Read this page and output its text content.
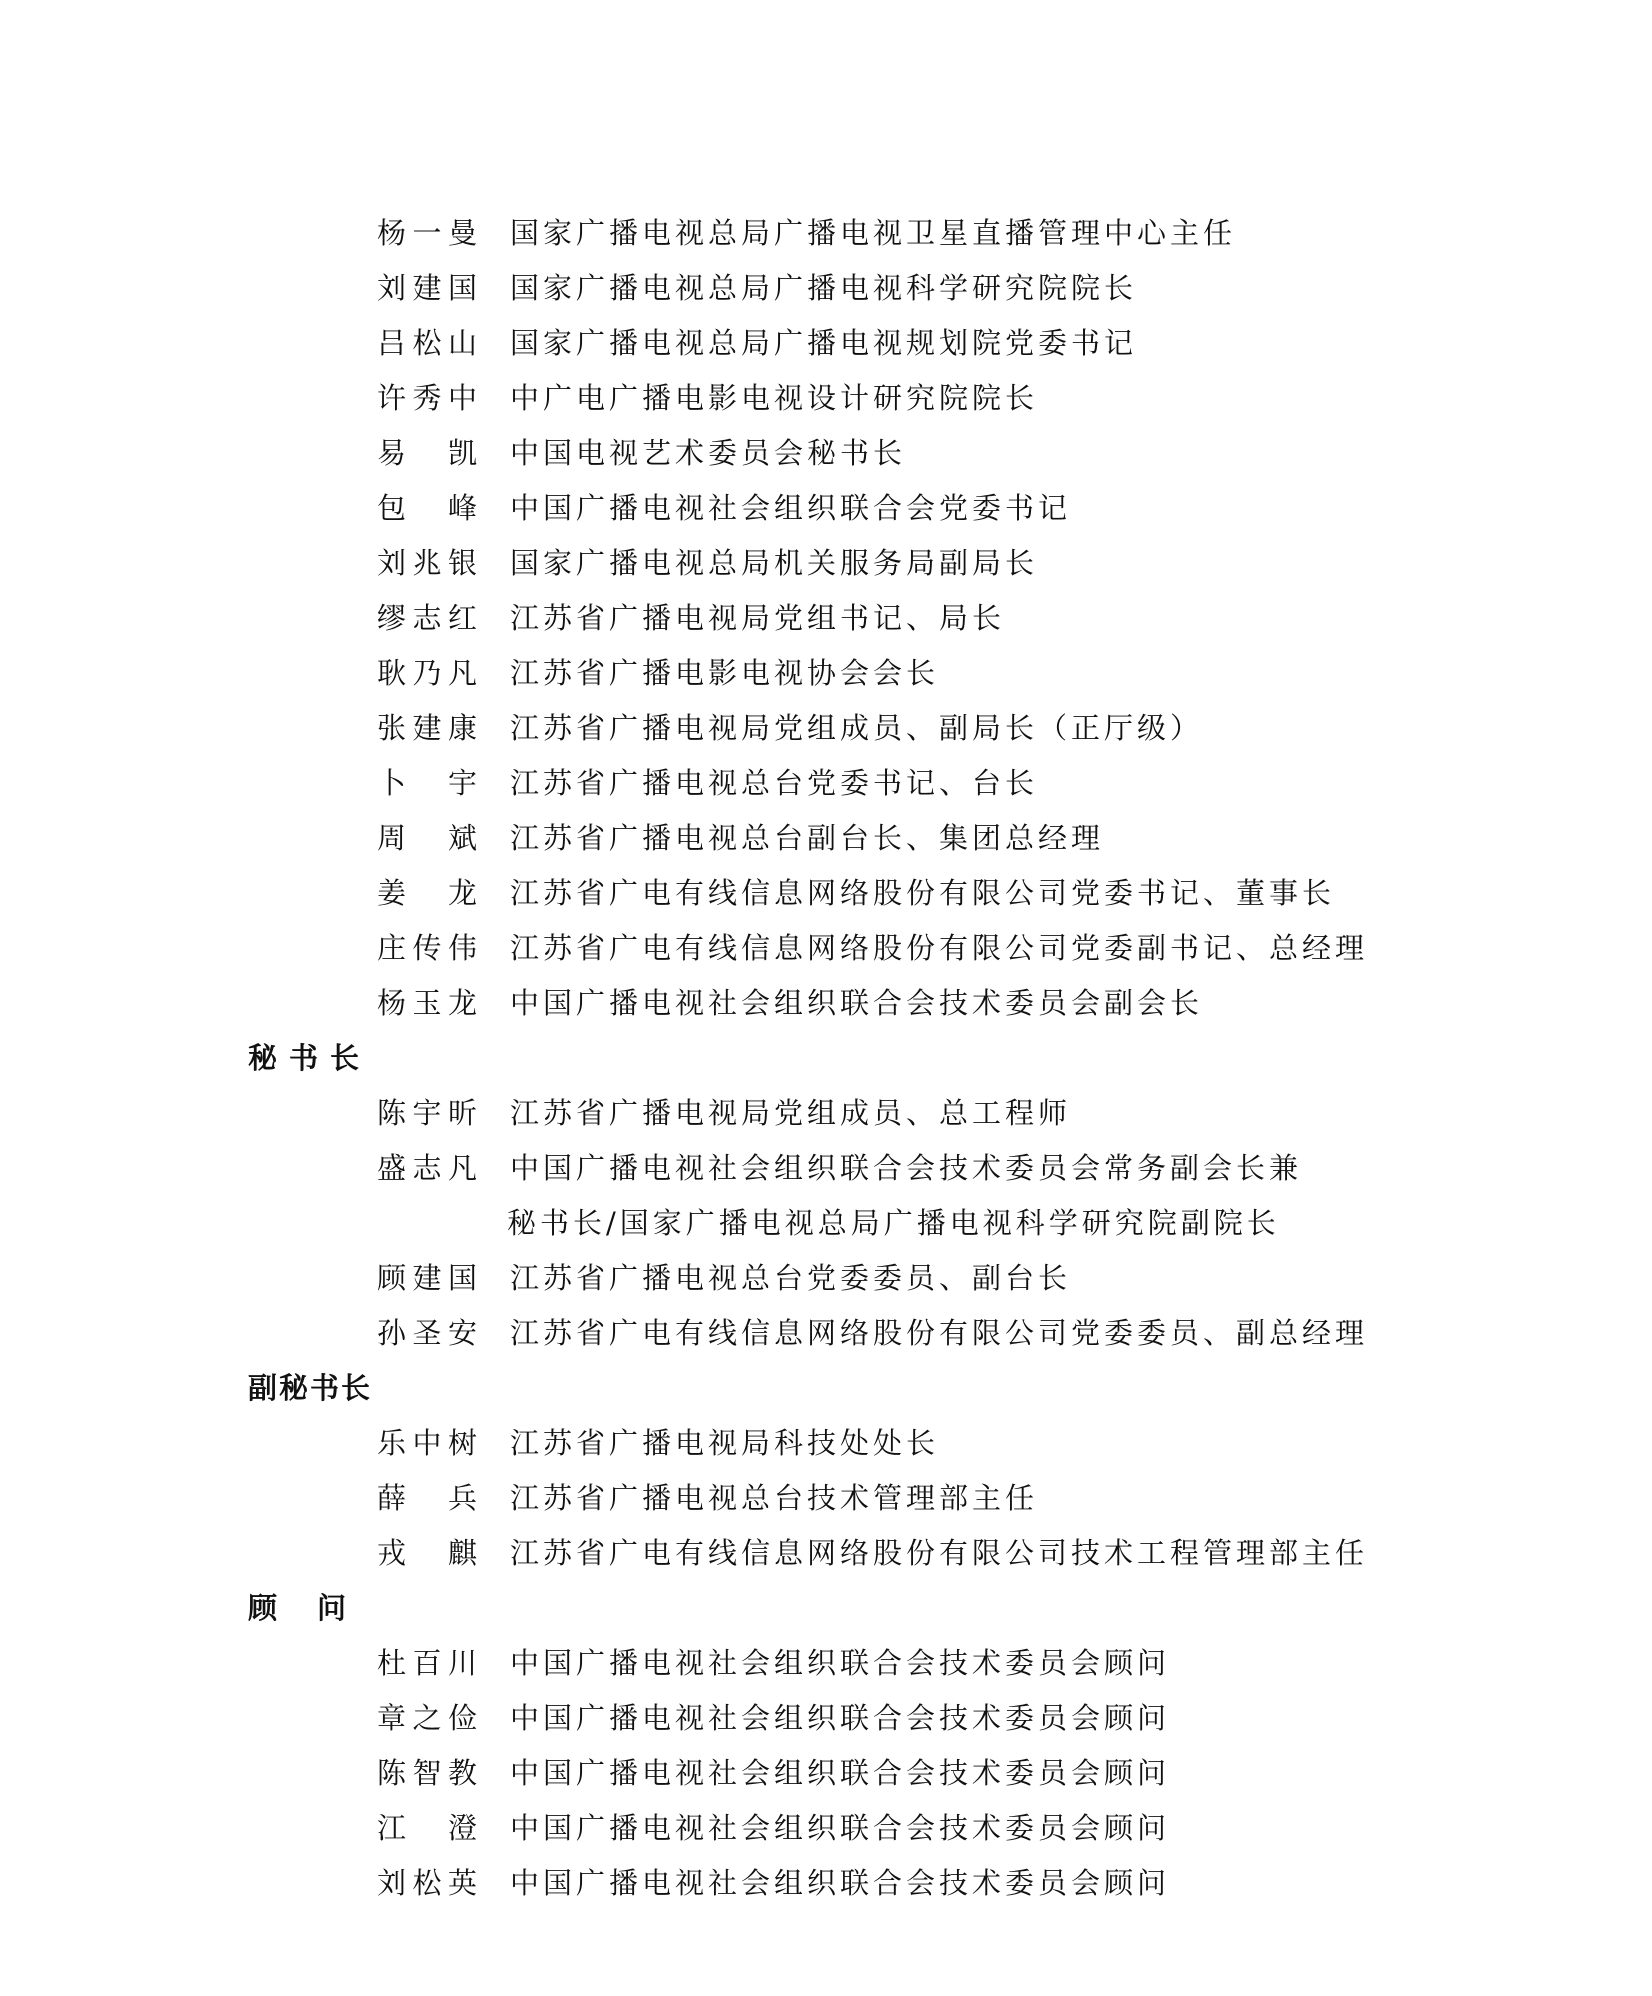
杨一曼 国家广播电视总局广播电视卫星直播管理中心主任
刘建国 国家广播电视总局广播电视科学研究院院长
吕松山 国家广播电视总局广播电视规划院党委书记
许秀中 中广电广播电影电视设计研究院院长
易　凯 中国电视艺术委员会秘书长
包　峰 中国广播电视社会组织联合会党委书记
刘兆银 国家广播电视总局机关服务局副局长
缪志红 江苏省广播电视局党组书记、局长
耿乃凡 江苏省广播电影电视协会会长
张建康 江苏省广播电视局党组成员、副局长（正厅级）
卜　宇 江苏省广播电视总台党委书记、台长
周　斌 江苏省广播电视总台副台长、集团总经理
姜　龙 江苏省广电有线信息网络股份有限公司党委书记、董事长
庄传伟 江苏省广电有线信息网络股份有限公司党委副书记、总经理
杨玉龙 中国广播电视社会组织联合会技术委员会副会长
秘书长
陈宇昕 江苏省广播电视局党组成员、总工程师
盛志凡 中国广播电视社会组织联合会技术委员会常务副会长兼
秘书长/国家广播电视总局广播电视科学研究院副院长
顾建国 江苏省广播电视总台党委委员、副台长
孙圣安 江苏省广电有线信息网络股份有限公司党委委员、副总经理
副秘书长
乐中树 江苏省广播电视局科技处处长
薛　兵 江苏省广播电视总台技术管理部主任
戎　麒 江苏省广电有线信息网络股份有限公司技术工程管理部主任
顾问
杜百川 中国广播电视社会组织联合会技术委员会顾问
章之俭 中国广播电视社会组织联合会技术委员会顾问
陈智教 中国广播电视社会组织联合会技术委员会顾问
江　澄 中国广播电视社会组织联合会技术委员会顾问
刘松英 中国广播电视社会组织联合会技术委员会顾问
